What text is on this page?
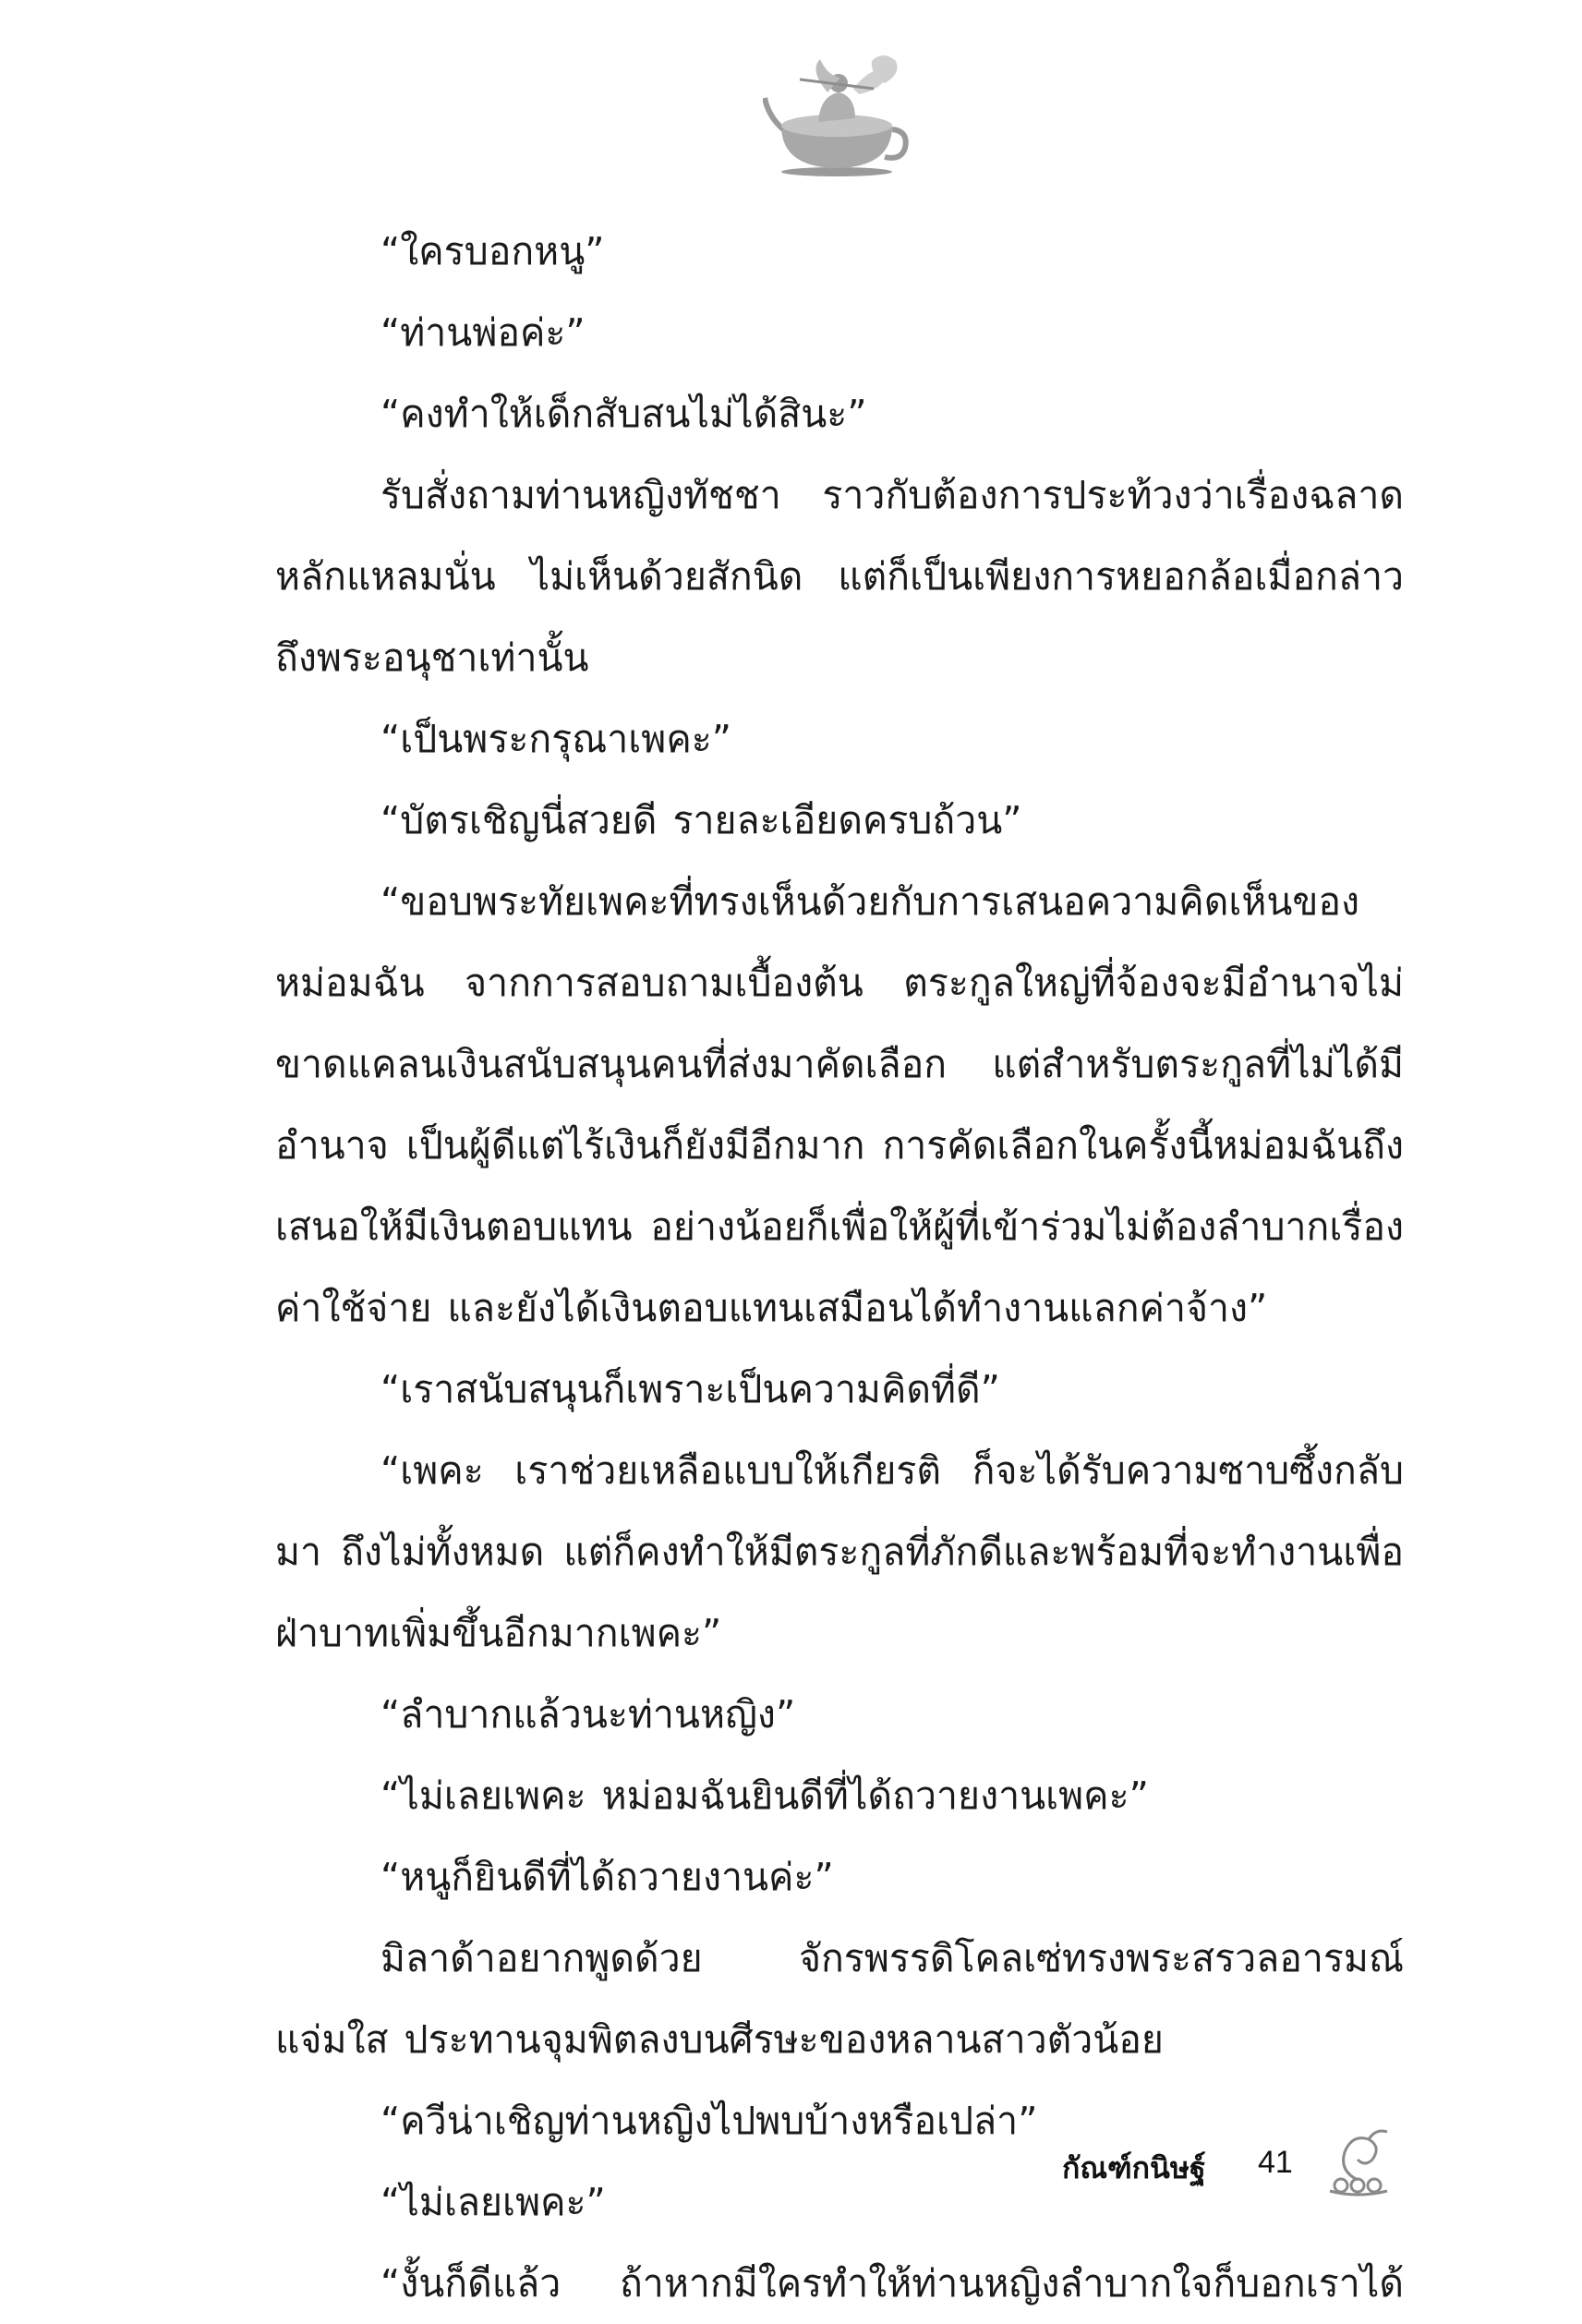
“ใครบอกหนู”

“ท่านพ่อค่ะ”

“คงทำให้เด็กสับสนไม่ได้สินะ”

รับสั่งถามท่านหญิงทัชชา ราวกับต้องการประท้วงว่าเรื่องฉลาดหลักแหลมนั่น ไม่เห็นด้วยสักนิด แต่ก็เป็นเพียงการหยอกล้อเมื่อกล่าวถึงพระอนุชาเท่านั้น

“เป็นพระกรุณาเพคะ”

“บัตรเชิญนี่สวยดี รายละเอียดครบถ้วน”

“ขอบพระทัยเพคะที่ทรงเห็นด้วยกับการเสนอความคิดเห็นของหม่อมฉัน จากการสอบถามเบื้องต้น ตระกูลใหญ่ที่จ้องจะมีอำนาจไม่ขาดแคลนเงินสนับสนุนคนที่ส่งมาคัดเลือก แต่สำหรับตระกูลที่ไม่ได้มีอำนาจ เป็นผู้ดีแต่ไร้เงินก็ยังมีอีกมาก การคัดเลือกในครั้งนี้หม่อมฉันถึงเสนอให้มีเงินตอบแทน อย่างน้อยก็เพื่อให้ผู้ที่เข้าร่วมไม่ต้องลำบากเรื่องค่าใช้จ่าย และยังได้เงินตอบแทนเสมือนได้ทำงานแลกค่าจ้าง”

“เราสนับสนุนก็เพราะเป็นความคิดที่ดี”

“เพคะ เราช่วยเหลือแบบให้เกียรติ ก็จะได้รับความซาบซึ้งกลับมา ถึงไม่ทั้งหมด แต่ก็คงทำให้มีตระกูลที่ภักดีและพร้อมที่จะทำงานเพื่อฝ่าบาทเพิ่มขึ้นอีกมากเพคะ”

“ลำบากแล้วนะท่านหญิง”

“ไม่เลยเพคะ หม่อมฉันยินดีที่ได้ถวายงานเพคะ”

“หนูก็ยินดีที่ได้ถวายงานค่ะ”

มิลาด้าอยากพูดด้วย จักรพรรดิโคลเซ่ทรงพระสรวลอารมณ์แจ่มใส ประทานจุมพิตลงบนศีรษะของหลานสาวตัวน้อย

“ควีน่าเชิญท่านหญิงไปพบบ้างหรือเปล่า”

“ไม่เลยเพคะ”

“งั้นก็ดีแล้ว ถ้าหากมีใครทำให้ท่านหญิงลำบากใจก็บอกเราได้

กัณฑ์กนิษฐ์ 41
